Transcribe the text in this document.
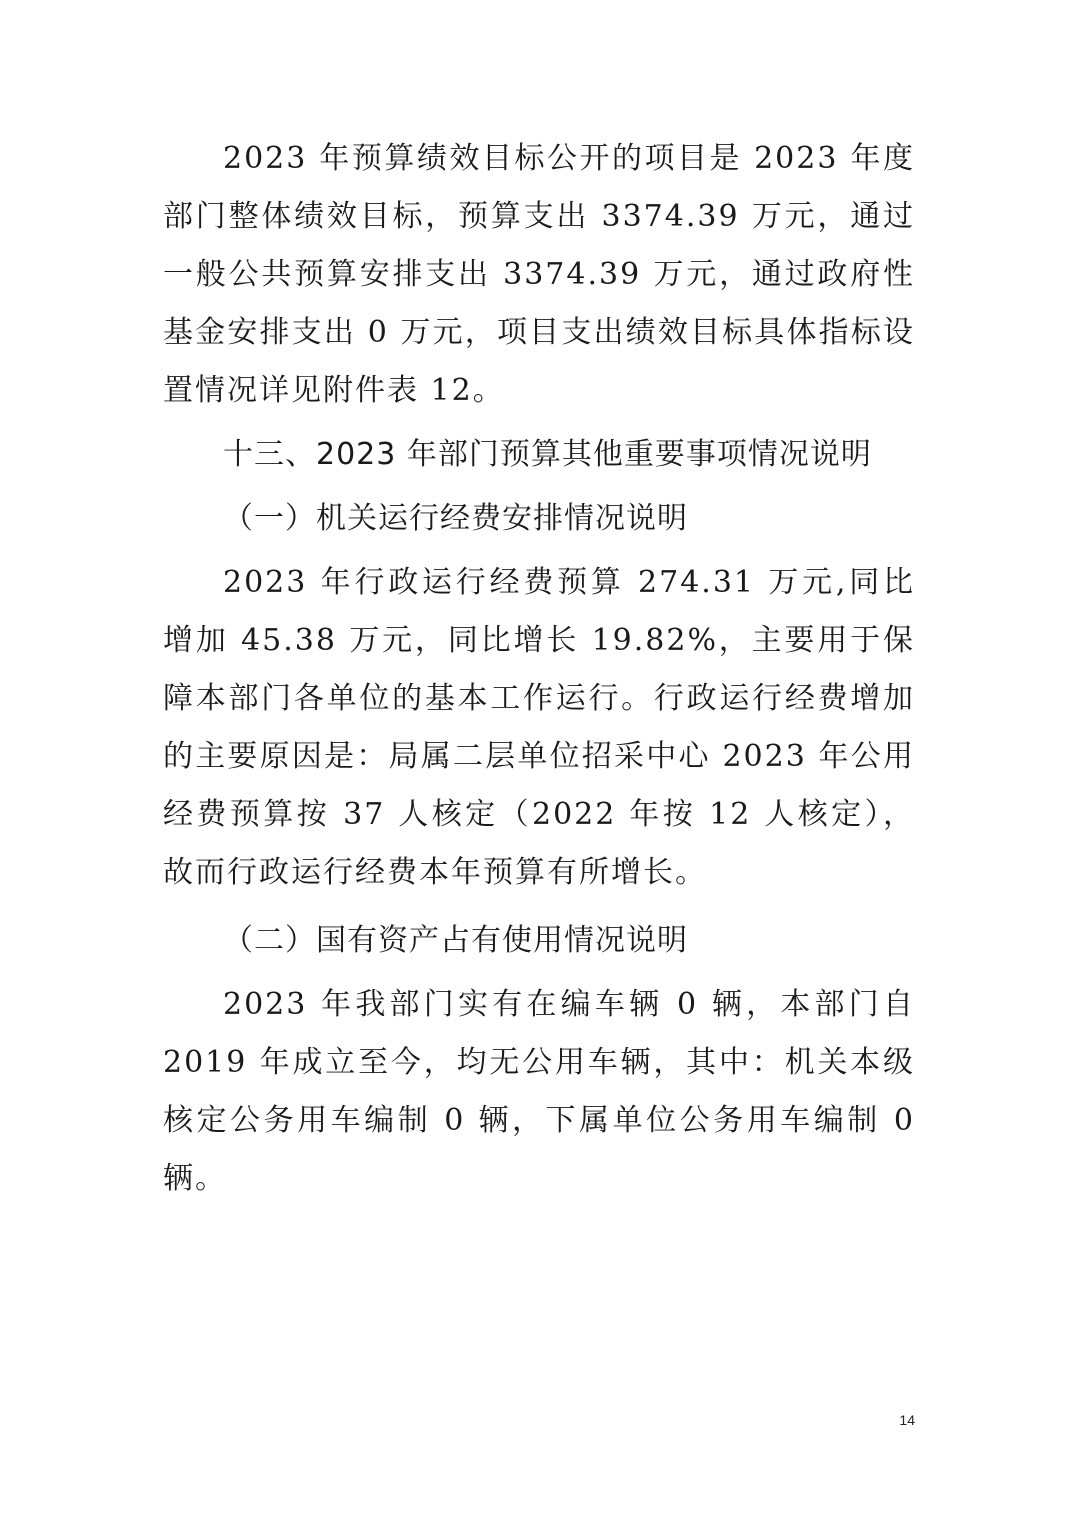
2023 年预算绩效目标公开的项目是 2023 年度部门整体绩效目标，预算支出 3374.39 万元，通过一般公共预算安排支出 3374.39 万元，通过政府性基金安排支出 0 万元，项目支出绩效目标具体指标设置情况详见附件表 12。

十三、2023 年部门预算其他重要事项情况说明

（一）机关运行经费安排情况说明

2023 年行政运行经费预算 274.31 万元,同比增加 45.38 万元，同比增长 19.82%，主要用于保障本部门各单位的基本工作运行。行政运行经费增加的主要原因是：局属二层单位招采中心 2023 年公用经费预算按 37 人核定（2022 年按 12 人核定），故而行政运行经费本年预算有所增长。

（二）国有资产占有使用情况说明

2023 年我部门实有在编车辆 0 辆，本部门自 2019 年成立至今，均无公用车辆，其中：机关本级核定公务用车编制 0 辆，下属单位公务用车编制 0 辆。

14
